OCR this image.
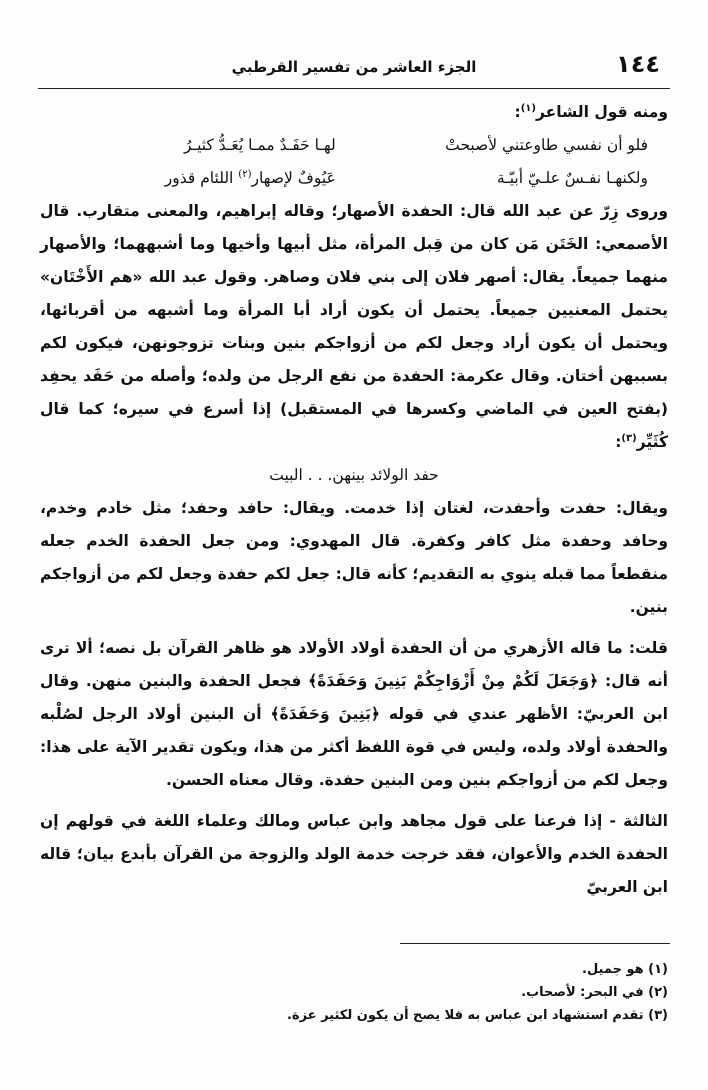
١٤٤
الجزء العاشر من تفسير القرطبي

ومنه قول الشاعر$^{(١)}$:

فلو أن نفسي طاوعتني لأصبحتْ
لهـا حَفَـدٌ ممـا يُعَـدُّ كثيـرُ
ولكنهـا نفـسٌ علـيّ أبيّـة
عَيُوفٌ لإصهار$^{(٢)}$ اللئام قذور

وروى زِرّ عن عبد الله قال: الحفدة الأصهار؛ وقاله إبراهيم، والمعنى متقارب. قال الأصمعي: الخَتَن مَن كان من قِبل المرأة، مثل أبيها وأخيها وما أشبههما؛ والأصهار منهما جميعاً. يقال: أصهر فلان إلى بني فلان وصاهر. وقول عبد الله «هم الأَخْتَان» يحتمل المعنيين جميعاً. يحتمل أن يكون أراد أبا المرأة وما أشبهه من أقربائها، ويحتمل أن يكون أراد وجعل لكم من أزواجكم بنين وبنات تزوجونهن، فيكون لكم بسببهن أختان. وقال عكرمة: الحفدة من نفع الرجل من ولده؛ وأصله من حَفَد يحفِد (بفتح العين في الماضي وكسرها في المستقبل) إذا أسرع في سيره؛ كما قال كُثَيِّر$^{(٣)}$:

حفد الولائد بينهن. . . البيت

ويقال: حفدت وأحفدت، لغتان إذا خدمت. ويقال: حافد وحفد؛ مثل خادم وخدم، وحافد وحفدة مثل كافر وكفرة. قال المهدوي: ومن جعل الحفدة الخدم جعله منقطعاً مما قبله ينوي به التقديم؛ كأنه قال: جعل لكم حفدة وجعل لكم من أزواجكم بنين.

قلت: ما قاله الأزهري من أن الحفدة أولاد الأولاد هو ظاهر القرآن بل نصه؛ ألا ترى أنه قال: ﴿وَجَعَلَ لَكُمْ مِنْ أَزْوَاجِكُمْ بَنِينَ وَحَفَدَةً﴾ فجعل الحفدة والبنين منهن. وقال ابن العربيّ: الأظهر عندي في قوله ﴿بَنِينَ وَحَفَدَةً﴾ أن البنين أولاد الرجل لصُلْبه والحفدة أولاد ولده، وليس في قوة اللفظ أكثر من هذا، ويكون تقدير الآية على هذا: وجعل لكم من أزواجكم بنين ومن البنين حفدة. وقال معناه الحسن.

الثالثة - إذا فرعنا على قول مجاهد وابن عباس ومالك وعلماء اللغة في قولهم إن الحفدة الخدم والأعوان، فقد خرجت خدمة الولد والزوجة من القرآن بأبدع بيان؛ قاله ابن العربيّ

(١) هو جميل.

(٢) في البحر: لأصحاب.

(٣) تقدم استشهاد ابن عباس به فلا يصح أن يكون لكثير عزة.
